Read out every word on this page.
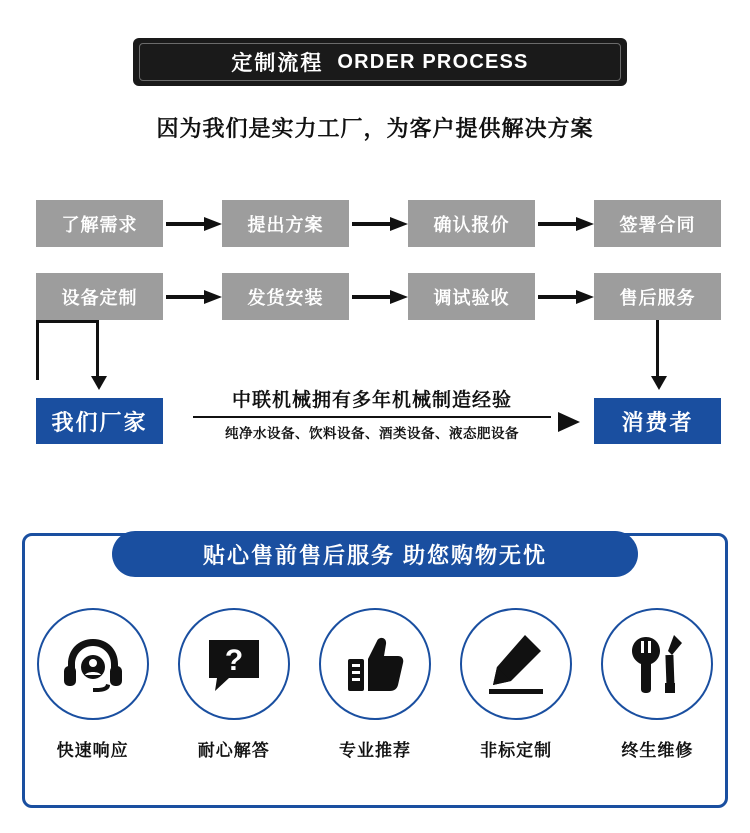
定制流程 ORDER PROCESS
因为我们是实力工厂，为客户提供解决方案
了解需求	提出方案	确认报价	签署合同
设备定制	发货安装	调试验收	售后服务
我们厂家
中联机械拥有多年机械制造经验
纯净水设备、饮料设备、酒类设备、液态肥设备	消费者
贴心售前售后服务 助您购物无忧
快速响应
?
耐心解答	专业推荐	非标定制	终生维修
